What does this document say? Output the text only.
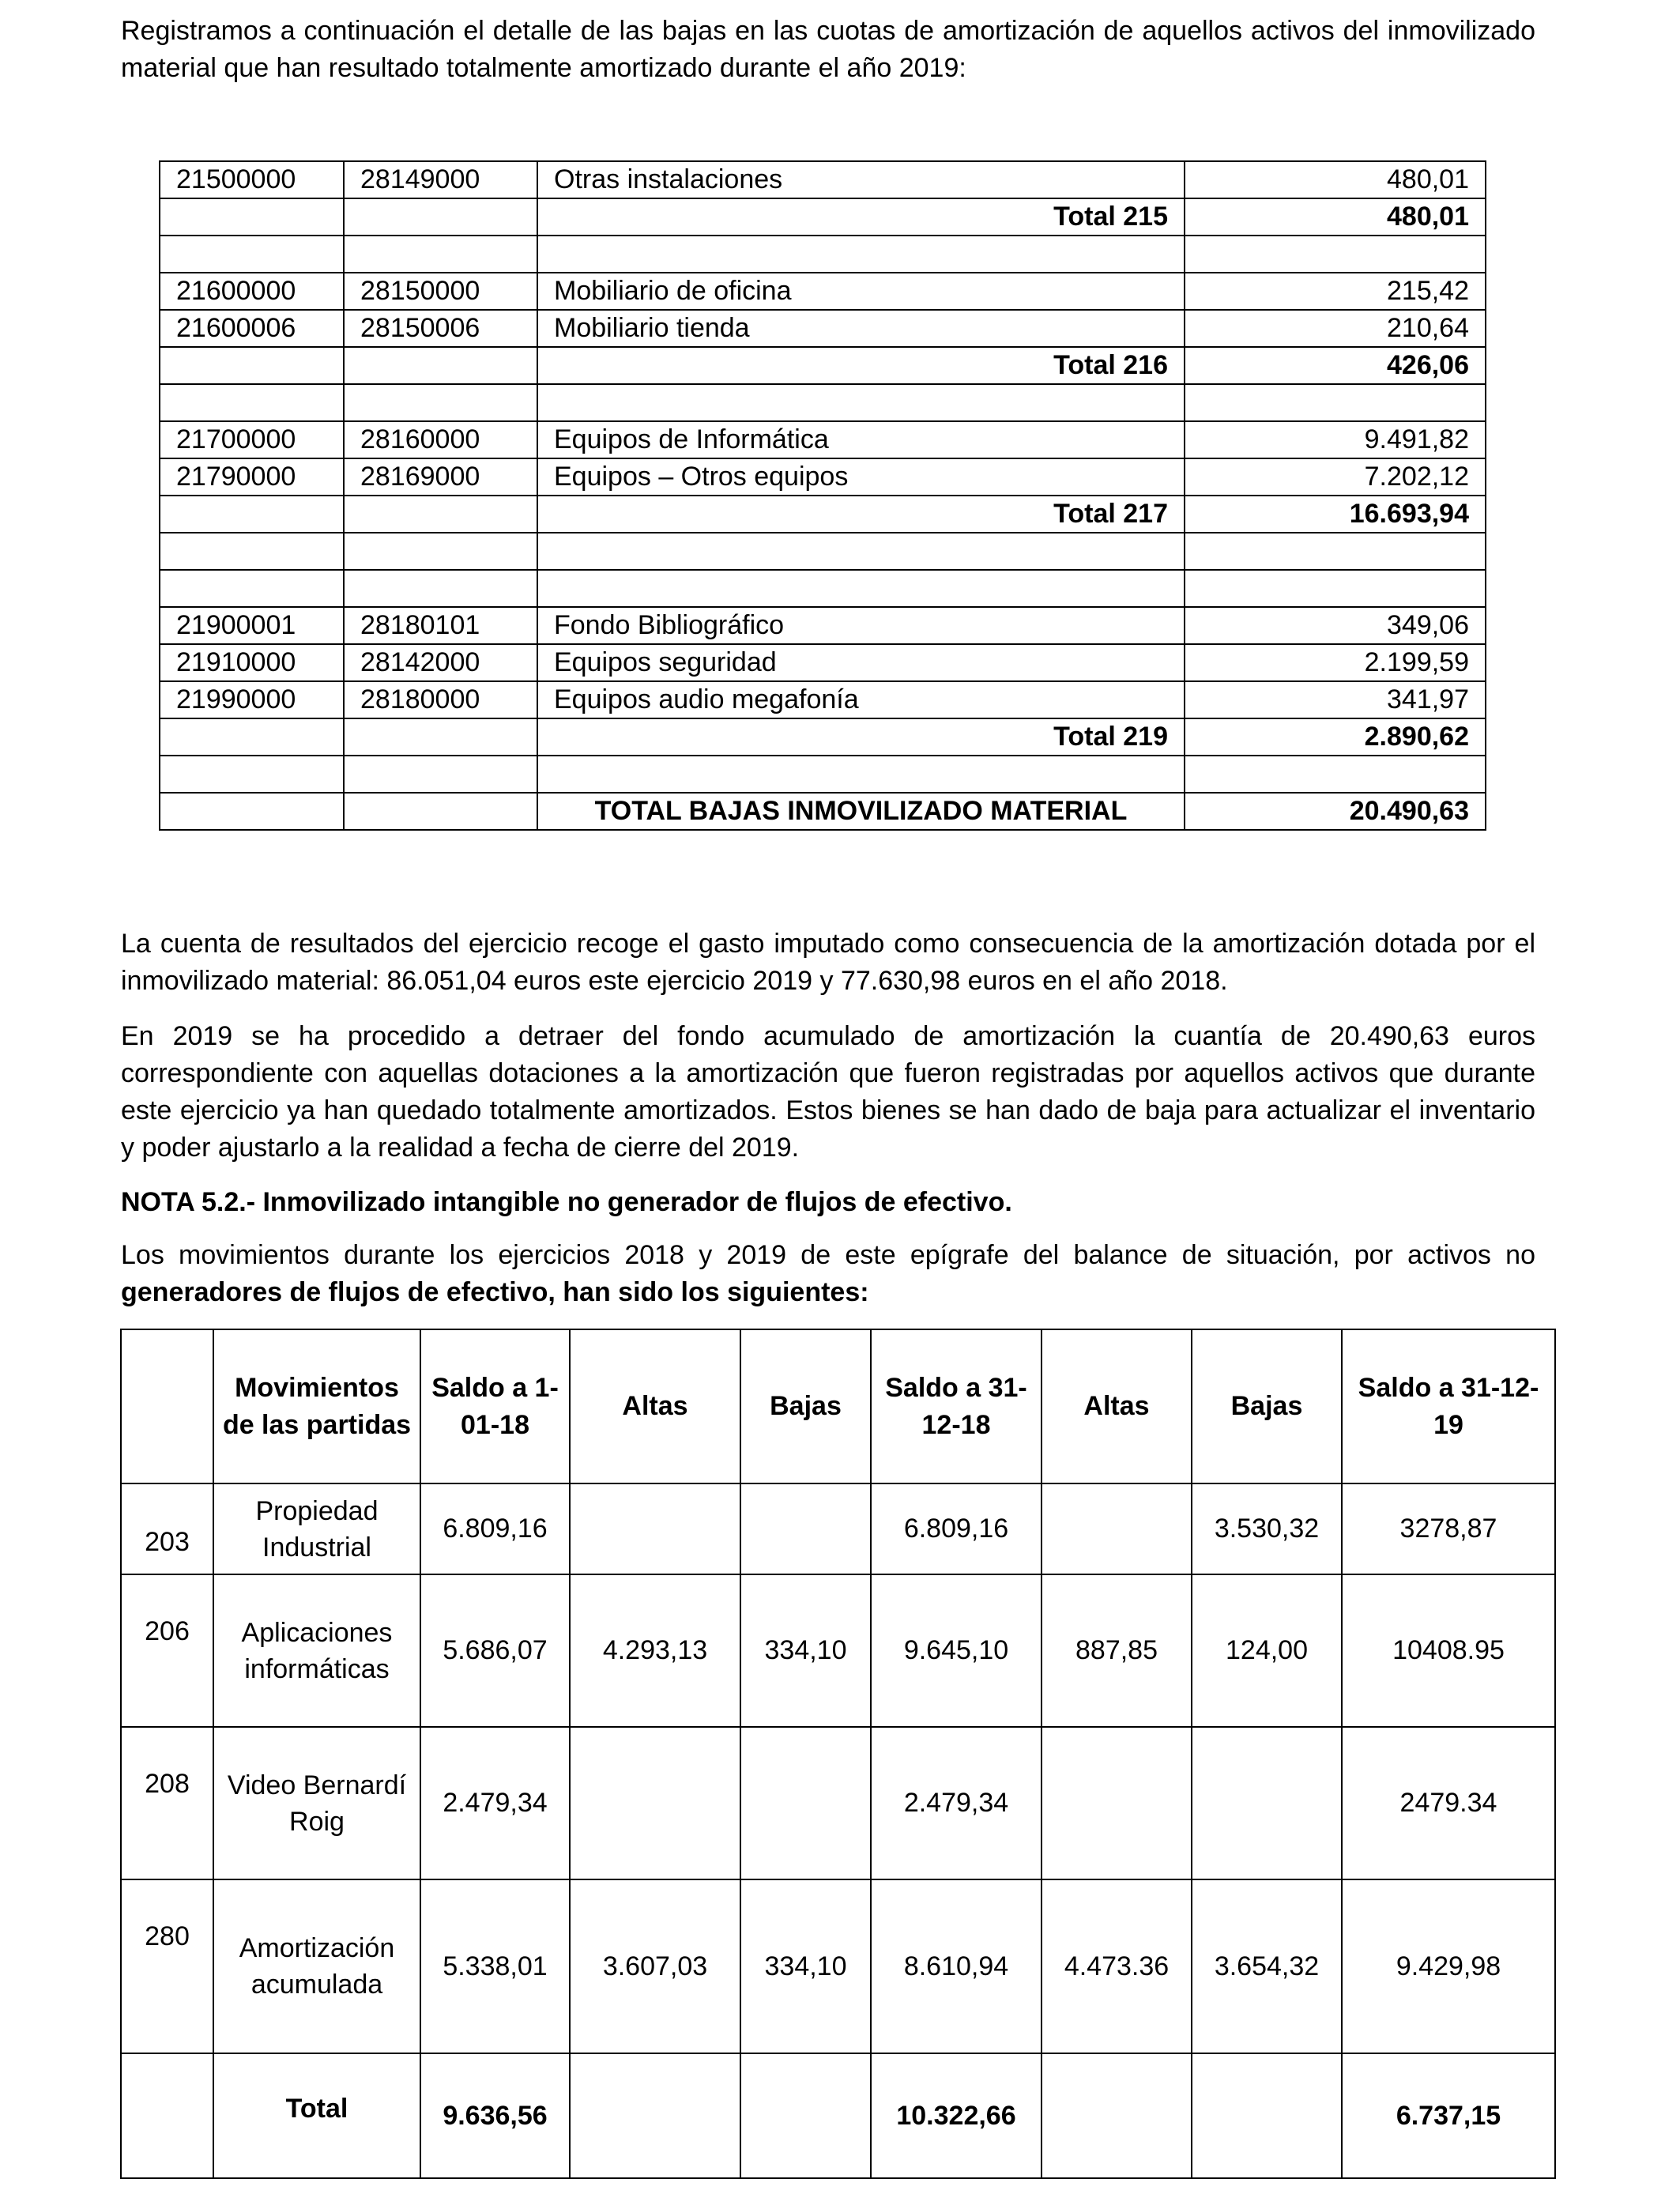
Registramos a continuación el detalle de las bajas en las cuotas de amortización de aquellos activos del inmovilizado material que han resultado totalmente amortizado durante el año 2019:

21500000	28149000	Otras instalaciones	480,01
		Total 215	480,01

21600000	28150000	Mobiliario de oficina	215,42
21600006	28150006	Mobiliario tienda	210,64
		Total 216	426,06

21700000	28160000	Equipos de Informática	9.491,82
21790000	28169000	Equipos – Otros equipos	7.202,12
		Total 217	16.693,94

21900001	28180101	Fondo Bibliográfico	349,06
21910000	28142000	Equipos seguridad	2.199,59
21990000	28180000	Equipos audio megafonía	341,97
		Total 219	2.890,62

		TOTAL BAJAS INMOVILIZADO MATERIAL	20.490,63

La cuenta de resultados del ejercicio recoge el gasto imputado como consecuencia de la amortización dotada por el inmovilizado material: 86.051,04 euros este ejercicio 2019 y 77.630,98 euros en el año 2018.

En 2019 se ha procedido a detraer del fondo acumulado de amortización la cuantía de 20.490,63 euros correspondiente con aquellas dotaciones a la amortización que fueron registradas por aquellos activos que durante este ejercicio ya han quedado totalmente amortizados. Estos bienes se han dado de baja para actualizar el inventario y poder ajustarlo a la realidad a fecha de cierre del 2019.

NOTA 5.2.- Inmovilizado intangible no generador de flujos de efectivo.

Los movimientos durante los ejercicios 2018 y 2019 de este epígrafe del balance de situación, por activos no generadores de flujos de efectivo, han sido los siguientes:

	Movimientos de las partidas	Saldo a 1-01-18	Altas	Bajas	Saldo a 31-12-18	Altas	Bajas	Saldo a 31-12-19
203	Propiedad Industrial	6.809,16			6.809,16		3.530,32	3278,87
206	Aplicaciones informáticas	5.686,07	4.293,13	334,10	9.645,10	887,85	124,00	10408.95
208	Video Bernardí Roig	2.479,34			2.479,34			2479.34
280	Amortización acumulada	5.338,01	3.607,03	334,10	8.610,94	4.473.36	3.654,32	9.429,98
	Total	9.636,56			10.322,66			6.737,15
